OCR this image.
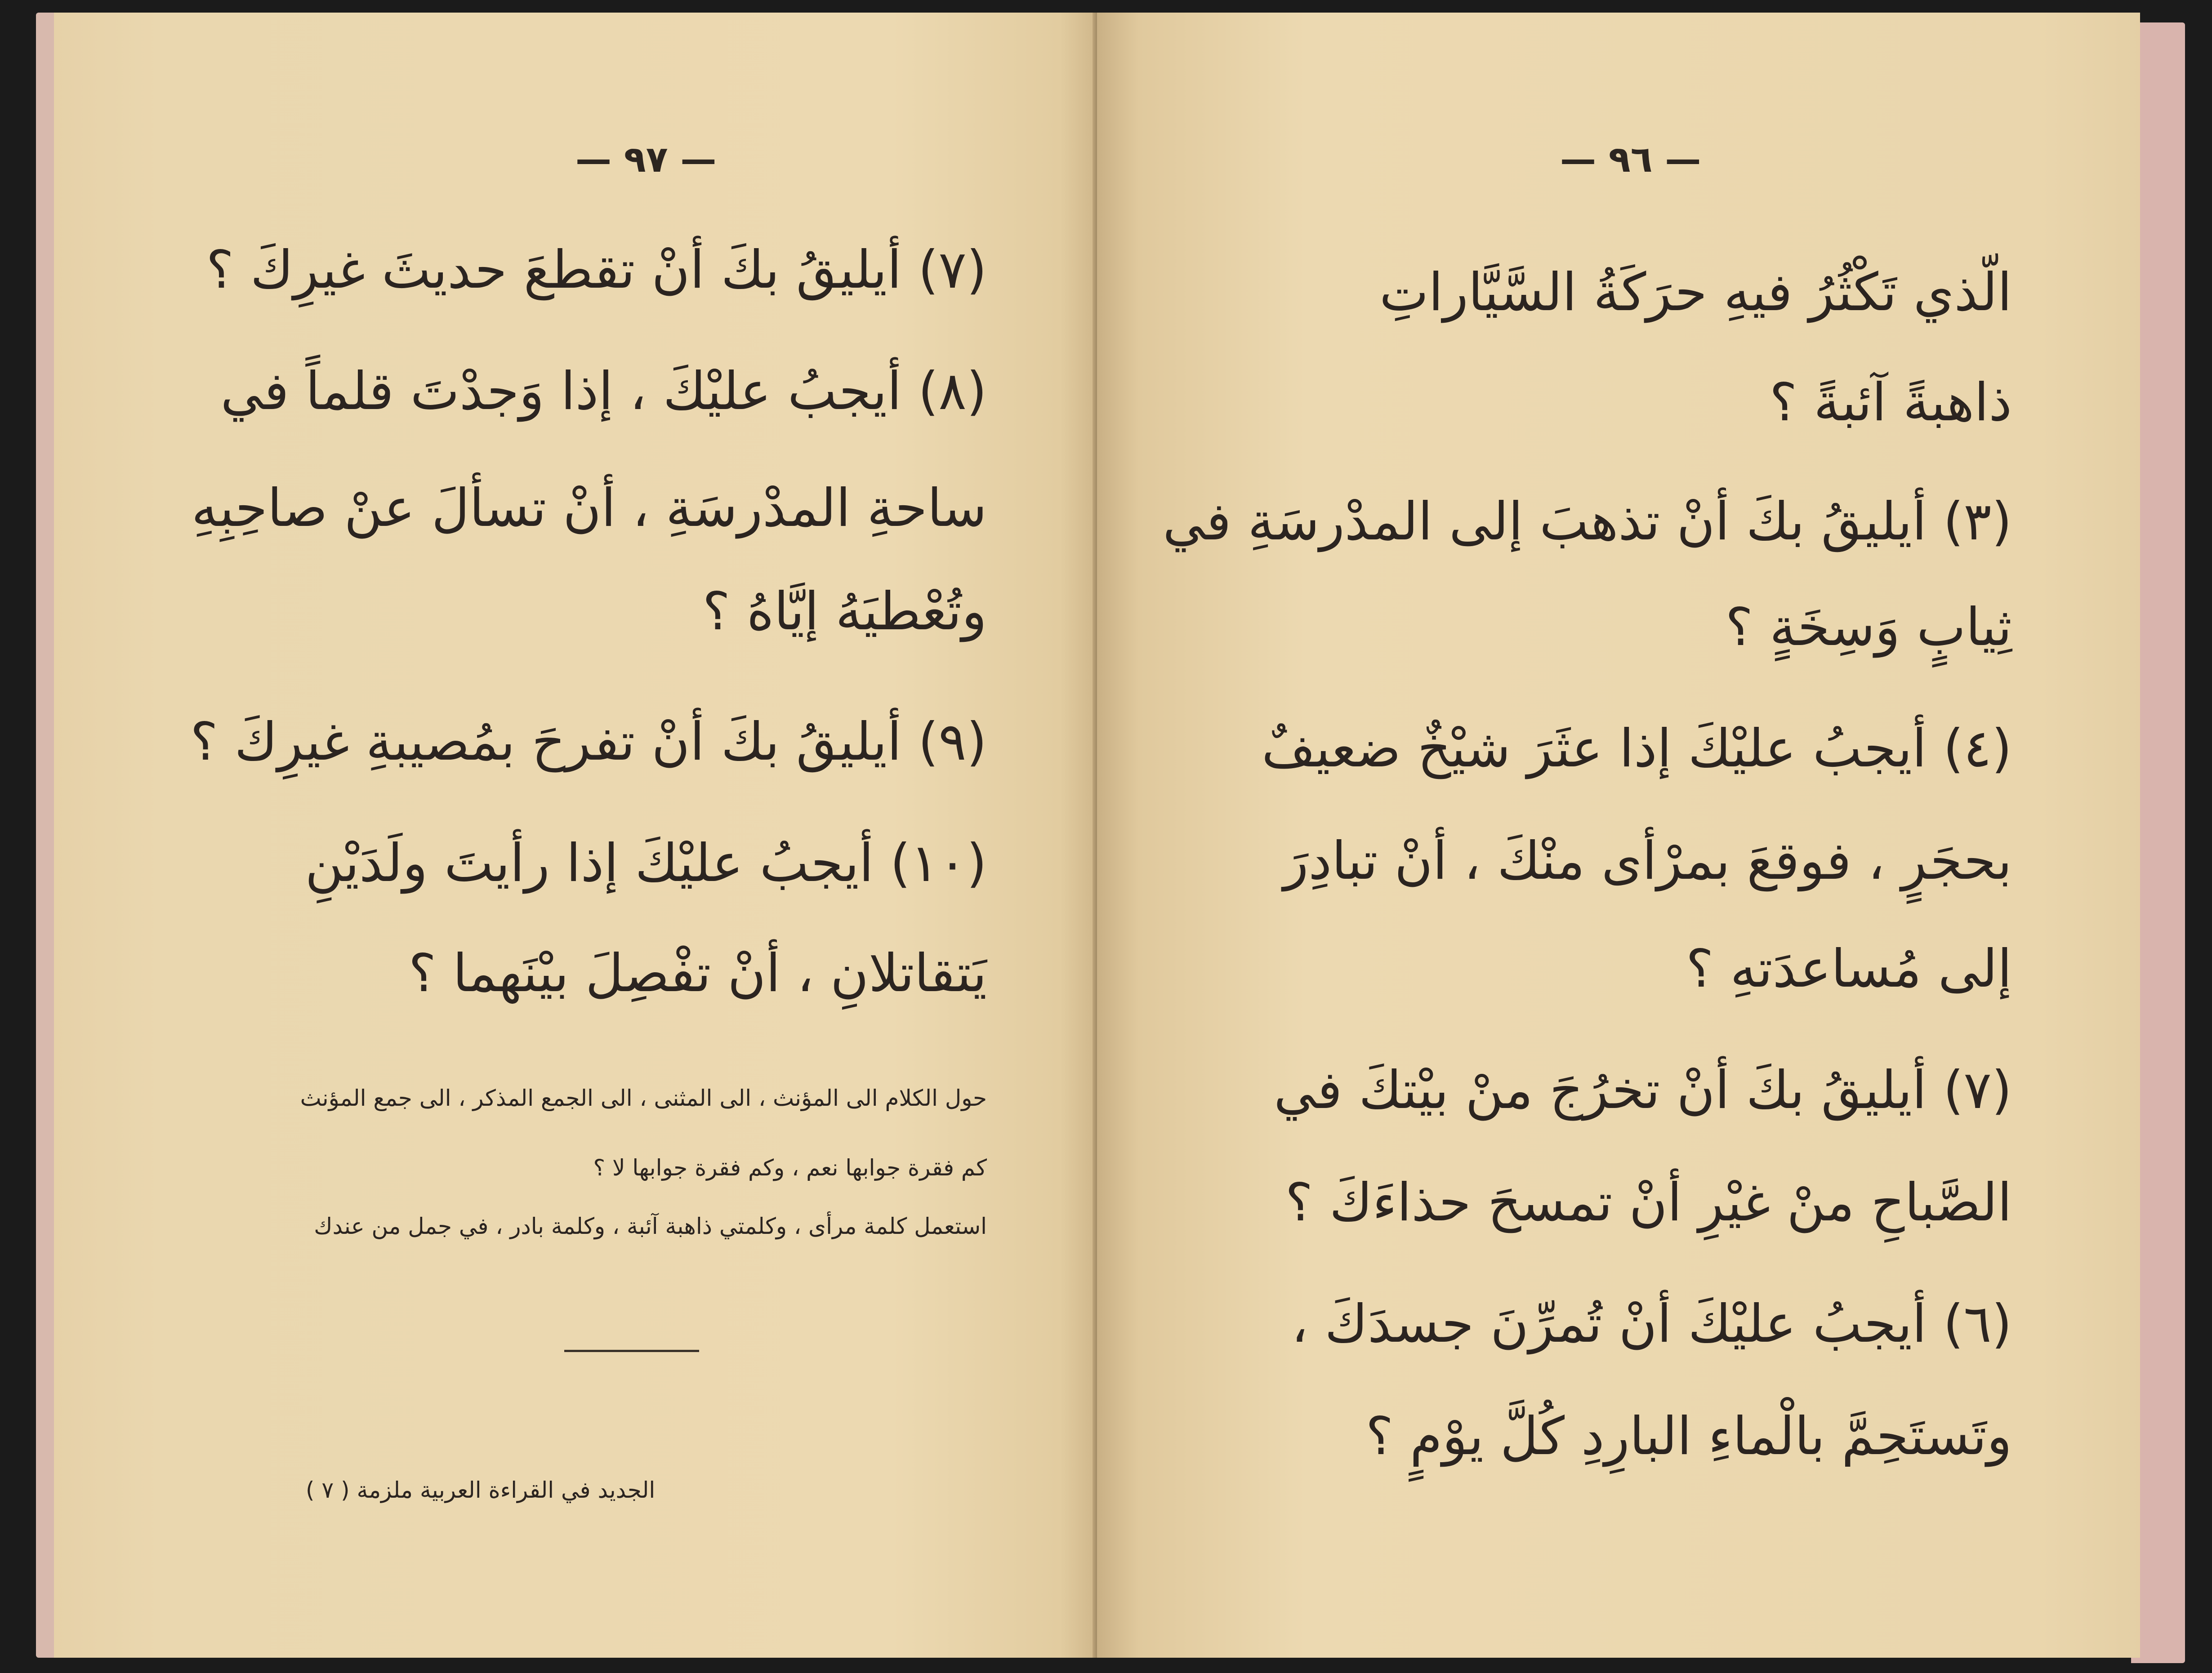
— ٩٧ —
(٧) أيليقُ بكَ أنْ تقطعَ حديثَ غيرِكَ ؟
(٨) أيجبُ عليْكَ ، إذا وَجدْتَ قلماً في
ساحةِ المدْرسَةِ ، أنْ تسألَ عنْ صاحِبِهِ
وتُعْطيَهُ إيَّاهُ ؟
(٩) أيليقُ بكَ أنْ تفرحَ بمُصيبةِ غيرِكَ ؟
(١٠) أيجبُ عليْكَ إذا رأيتَ ولَدَيْنِ
يَتقاتلانِ ، أنْ تفْصِلَ بيْنَهما ؟
حول الكلام الى المؤنث ، الى المثنى ، الى الجمع المذكر ، الى جمع المؤنث
كم فقرة جوابها نعم ، وكم فقرة جوابها لا ؟
استعمل كلمة مرأى ، وكلمتي ذاهبة آئبة ، وكلمة بادر ، في جمل من عندك
الجديد في القراءة العربية ملزمة ( ٧ )
— ٩٦ —
الّذي تَكْثُرُ فيهِ حرَكَةُ السَّيَّاراتِ
ذاهبةً آئبةً ؟
(٣) أيليقُ بكَ أنْ تذهبَ إلى المدْرسَةِ في
ثِيابٍ وَسِخَةٍ ؟
(٤) أيجبُ عليْكَ إذا عثَرَ شيْخٌ ضعيفٌ
بحجَرٍ ، فوقعَ بمرْأى منْكَ ، أنْ تبادِرَ
إلى مُساعدَتهِ ؟
(٧) أيليقُ بكَ أنْ تخرُجَ منْ بيْتكَ في
الصَّباحِ منْ غيْرِ أنْ تمسحَ حذاءَكَ ؟
(٦) أيجبُ عليْكَ أنْ تُمرِّنَ جسدَكَ ،
وتَستَحِمَّ بالْماءِ البارِدِ كُلَّ يوْمٍ ؟
